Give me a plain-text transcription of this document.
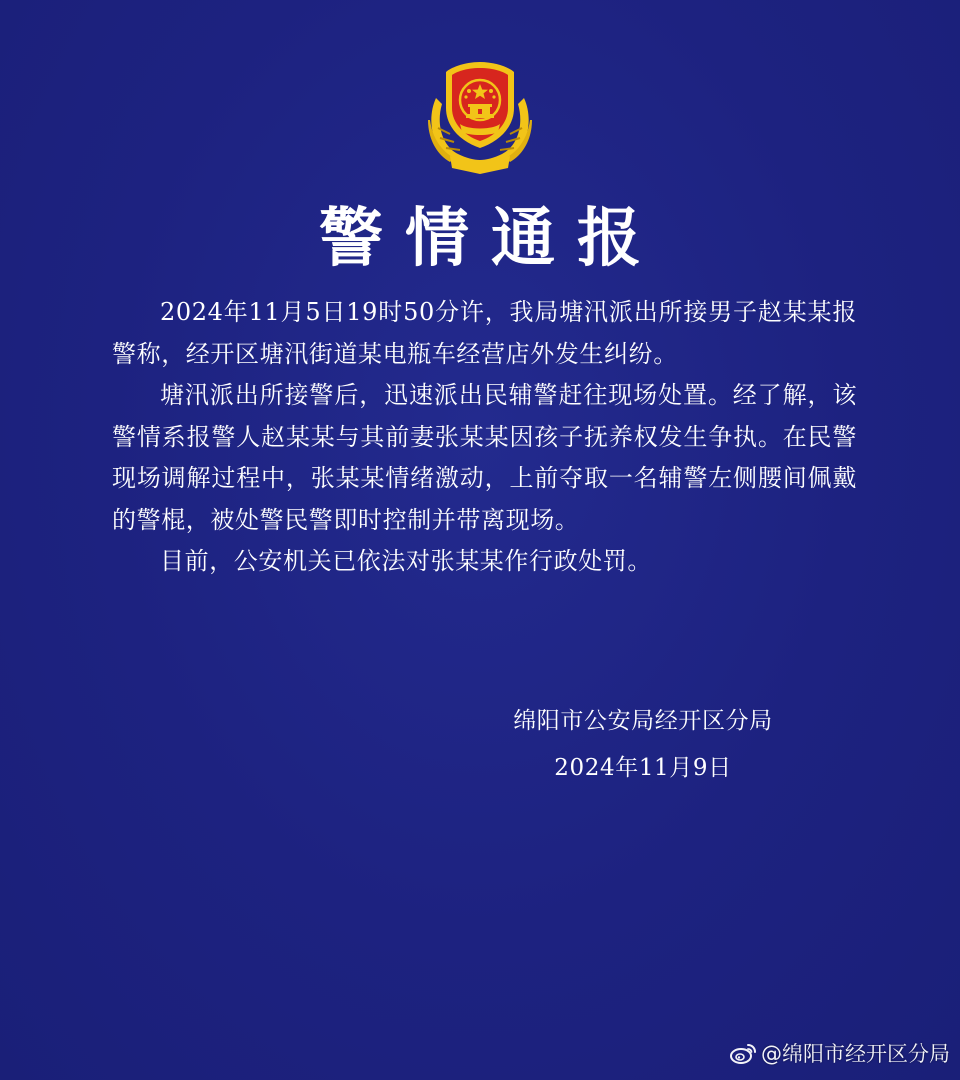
警情通报

2024年11月5日19时50分许，我局塘汛派出所接男子赵某某报警称，经开区塘汛街道某电瓶车经营店外发生纠纷。

塘汛派出所接警后，迅速派出民辅警赶往现场处置。经了解，该警情系报警人赵某某与其前妻张某某因孩子抚养权发生争执。在民警现场调解过程中，张某某情绪激动，上前夺取一名辅警左侧腰间佩戴的警棍，被处警民警即时控制并带离现场。

目前，公安机关已依法对张某某作行政处罚。

绵阳市公安局经开区分局
2024年11月9日
@绵阳市经开区分局
